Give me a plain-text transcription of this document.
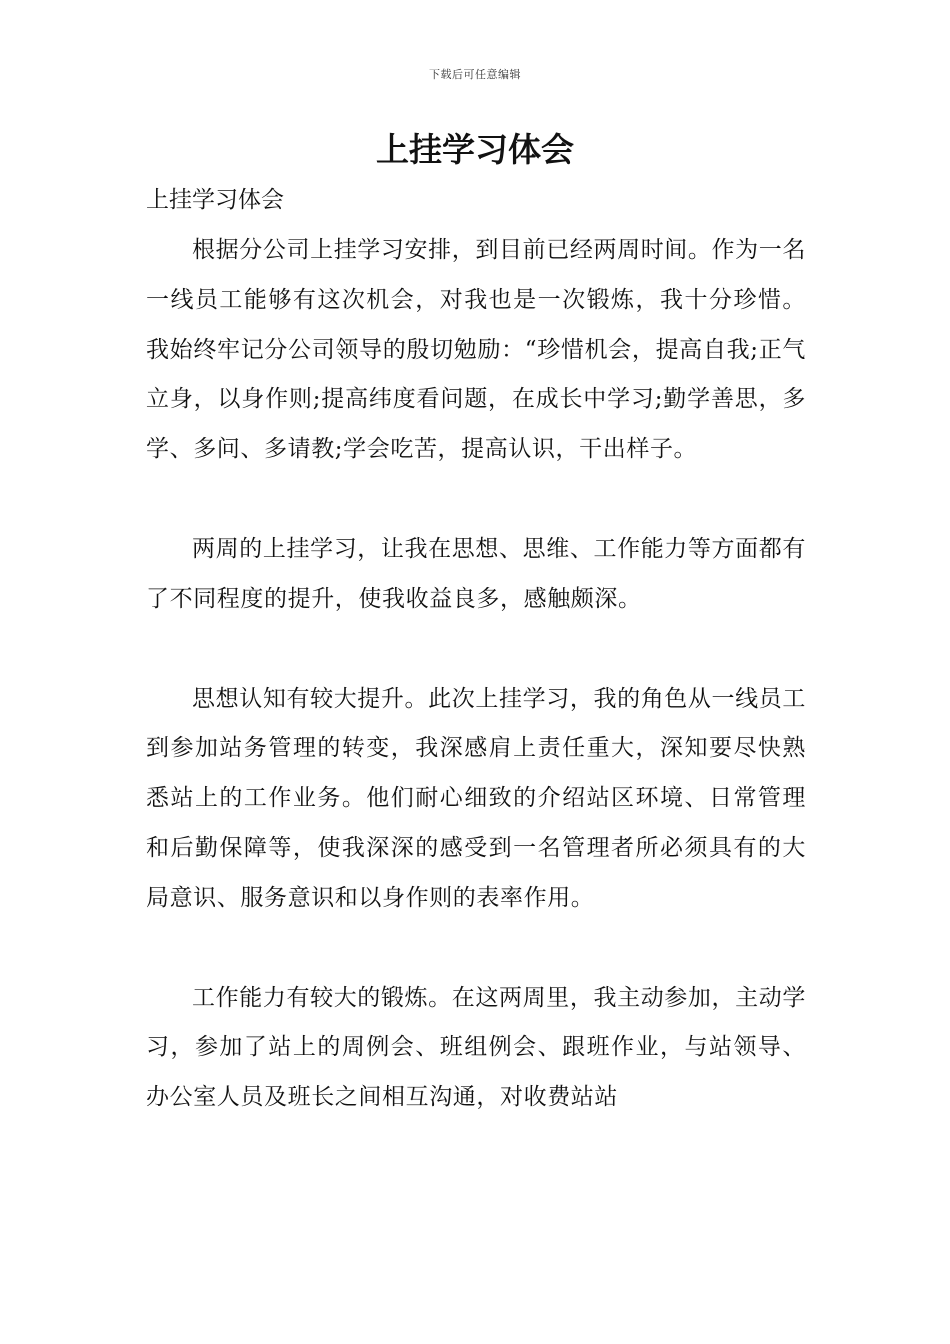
下载后可任意编辑
上挂学习体会

上挂学习体会

根据分公司上挂学习安排，到目前已经两周时间。作为一名一线员工能够有这次机会，对我也是一次锻炼，我十分珍惜。我始终牢记分公司领导的殷切勉励：“珍惜机会，提高自我;正气立身，以身作则;提高纬度看问题，在成长中学习;勤学善思，多学、多问、多请教;学会吃苦，提高认识，干出样子。

两周的上挂学习，让我在思想、思维、工作能力等方面都有了不同程度的提升，使我收益良多，感触颇深。

思想认知有较大提升。此次上挂学习，我的角色从一线员工到参加站务管理的转变，我深感肩上责任重大，深知要尽快熟悉站上的工作业务。他们耐心细致的介绍站区环境、日常管理和后勤保障等，使我深深的感受到一名管理者所必须具有的大局意识、服务意识和以身作则的表率作用。

工作能力有较大的锻炼。在这两周里，我主动参加，主动学习，参加了站上的周例会、班组例会、跟班作业，与站领导、办公室人员及班长之间相互沟通，对收费站站
